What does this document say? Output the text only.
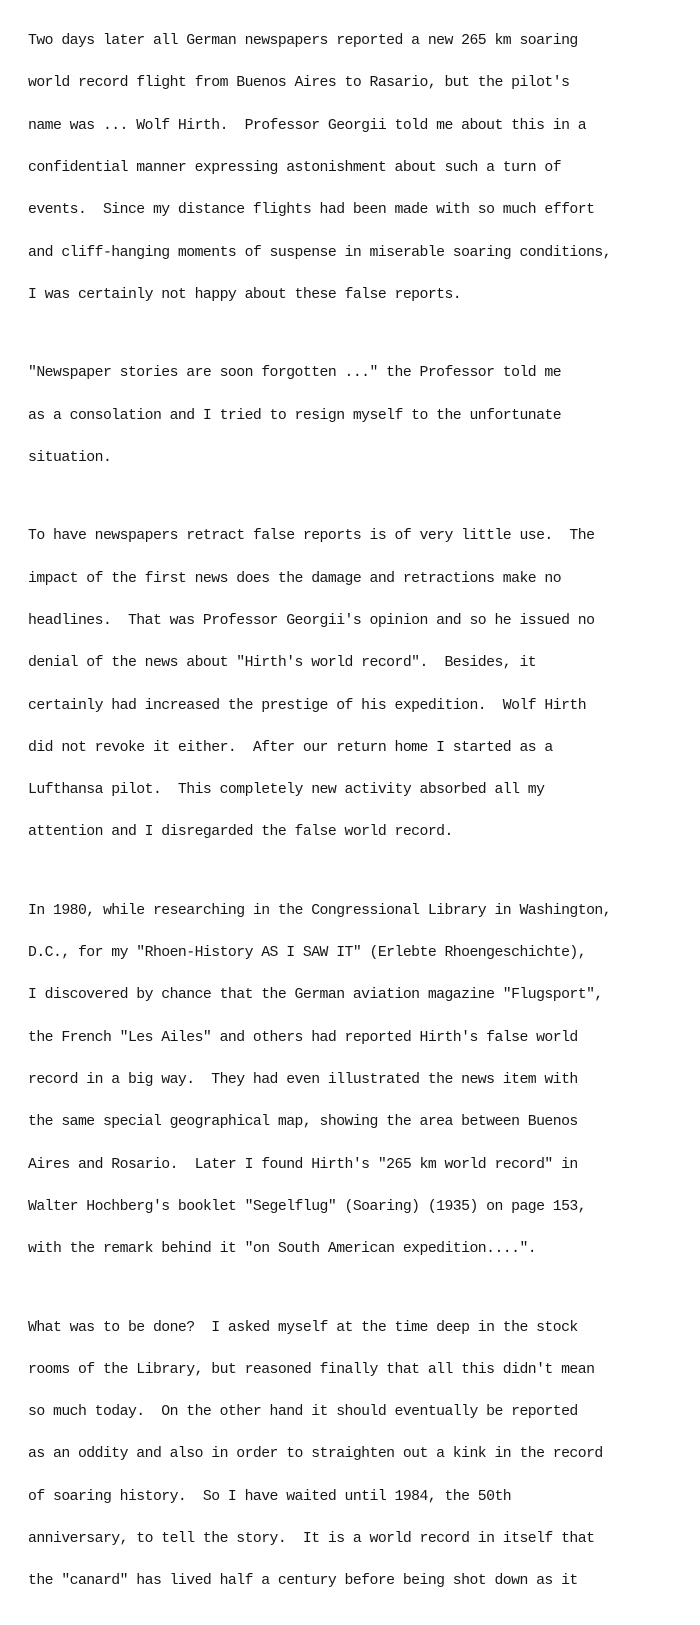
Two days later all German newspapers reported a new 265 km soaring

world record flight from Buenos Aires to Rasario, but the pilot's

name was ... Wolf Hirth.  Professor Georgii told me about this in a

confidential manner expressing astonishment about such a turn of

events.  Since my distance flights had been made with so much effort

and cliff-hanging moments of suspense in miserable soaring conditions,

I was certainly not happy about these false reports.

"Newspaper stories are soon forgotten ..." the Professor told me

as a consolation and I tried to resign myself to the unfortunate

situation.

To have newspapers retract false reports is of very little use.  The

impact of the first news does the damage and retractions make no

headlines.  That was Professor Georgii's opinion and so he issued no

denial of the news about "Hirth's world record".  Besides, it

certainly had increased the prestige of his expedition.  Wolf Hirth

did not revoke it either.  After our return home I started as a

Lufthansa pilot.  This completely new activity absorbed all my

attention and I disregarded the false world record.

In 1980, while researching in the Congressional Library in Washington,

D.C., for my "Rhoen-History AS I SAW IT" (Erlebte Rhoengeschichte),

I discovered by chance that the German aviation magazine "Flugsport",

the French "Les Ailes" and others had reported Hirth's false world

record in a big way.  They had even illustrated the news item with

the same special geographical map, showing the area between Buenos

Aires and Rosario.  Later I found Hirth's "265 km world record" in

Walter Hochberg's booklet "Segelflug" (Soaring) (1935) on page 153,

with the remark behind it "on South American expedition....".

What was to be done?  I asked myself at the time deep in the stock

rooms of the Library, but reasoned finally that all this didn't mean

so much today.  On the other hand it should eventually be reported

as an oddity and also in order to straighten out a kink in the record

of soaring history.  So I have waited until 1984, the 50th

anniversary, to tell the story.  It is a world record in itself that

the "canard" has lived half a century before being shot down as it
